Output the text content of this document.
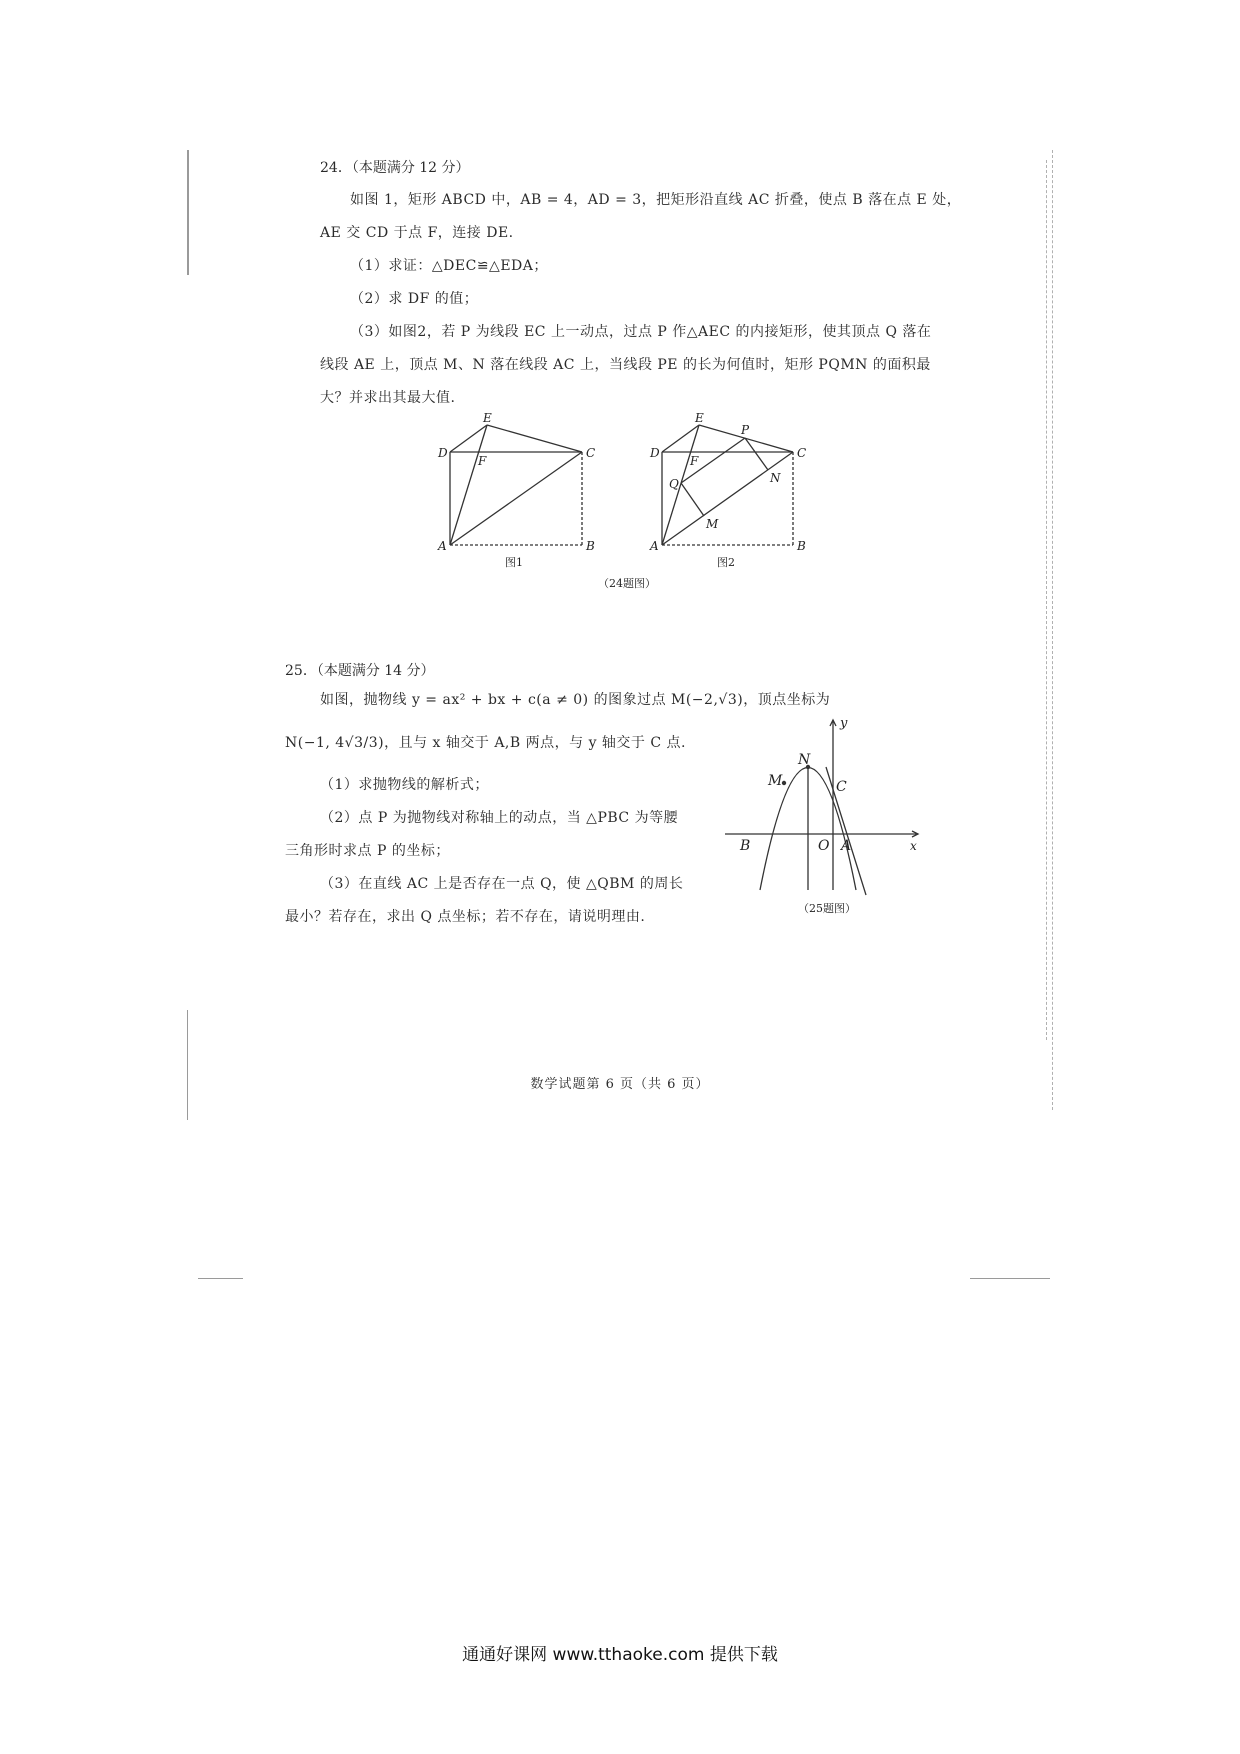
24．（本题满分 12 分）
如图 1，矩形 ABCD 中，AB = 4，AD = 3，把矩形沿直线 AC 折叠，使点 B 落在点 E 处，
AE 交 CD 于点 F，连接 DE.
（1）求证：△DEC≌△EDA；
（2）求 DF 的值；
（3）如图2，若 P 为线段 EC 上一动点，过点 P 作△AEC 的内接矩形，使其顶点 Q 落在
线段 AE 上，顶点 M、N 落在线段 AC 上，当线段 PE 的长为何值时，矩形 PQMN 的面积最
大？并求出其最大值.
E
D
F
C
A	B
图1
E
P
D
F
C
Q	N
M
A	B
图2
（24题图）
25．（本题满分 14 分）
如图，抛物线 y = ax² + bx + c(a ≠ 0) 的图象过点 M(−2,√3)，顶点坐标为
N(−1, 4√3/3)，且与 x 轴交于 A,B 两点，与 y 轴交于 C 点.
（1）求抛物线的解析式；
（2）点 P 为抛物线对称轴上的动点，当 △PBC 为等腰
三角形时求点 P 的坐标；
（3）在直线 AC 上是否存在一点 Q，使 △QBM 的周长
最小？若存在，求出 Q 点坐标；若不存在，请说明理由.
N
M	C
B	O A	x
y
（25题图）
数学试题第 6 页（共 6 页）
通通好课网 www.tthaoke.com 提供下载
